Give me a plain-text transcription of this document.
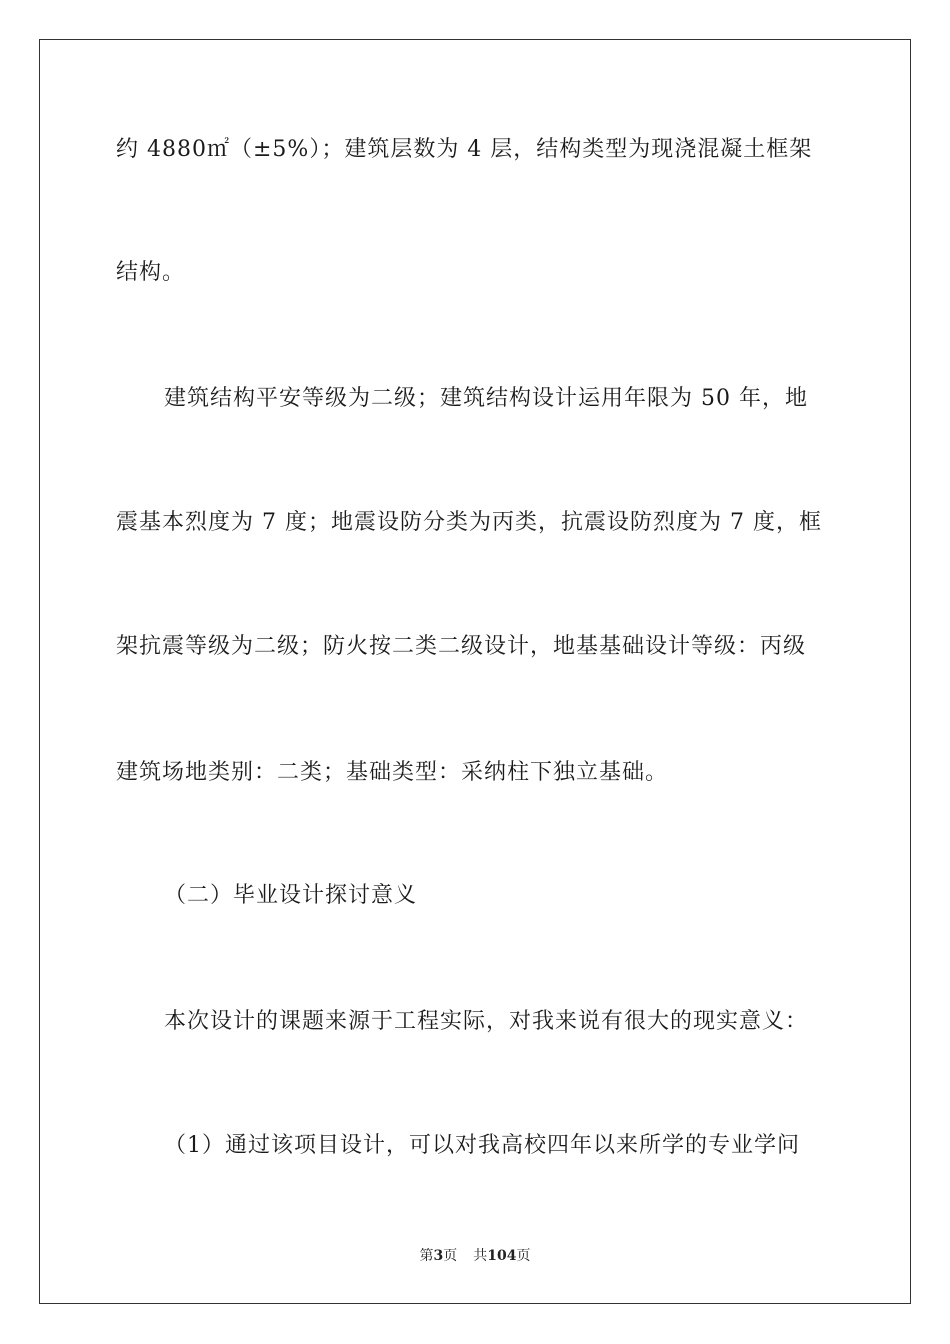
约 4880㎡（±5%）；建筑层数为 4 层，结构类型为现浇混凝土框架
结构。
建筑结构平安等级为二级；建筑结构设计运用年限为 50 年，地
震基本烈度为 7 度；地震设防分类为丙类，抗震设防烈度为 7 度，框
架抗震等级为二级；防火按二类二级设计，地基基础设计等级：丙级
建筑场地类别：二类；基础类型：采纳柱下独立基础。
（二）毕业设计探讨意义
本次设计的课题来源于工程实际，对我来说有很大的现实意义：
（1）通过该项目设计，可以对我高校四年以来所学的专业学问
第3页 共104页
